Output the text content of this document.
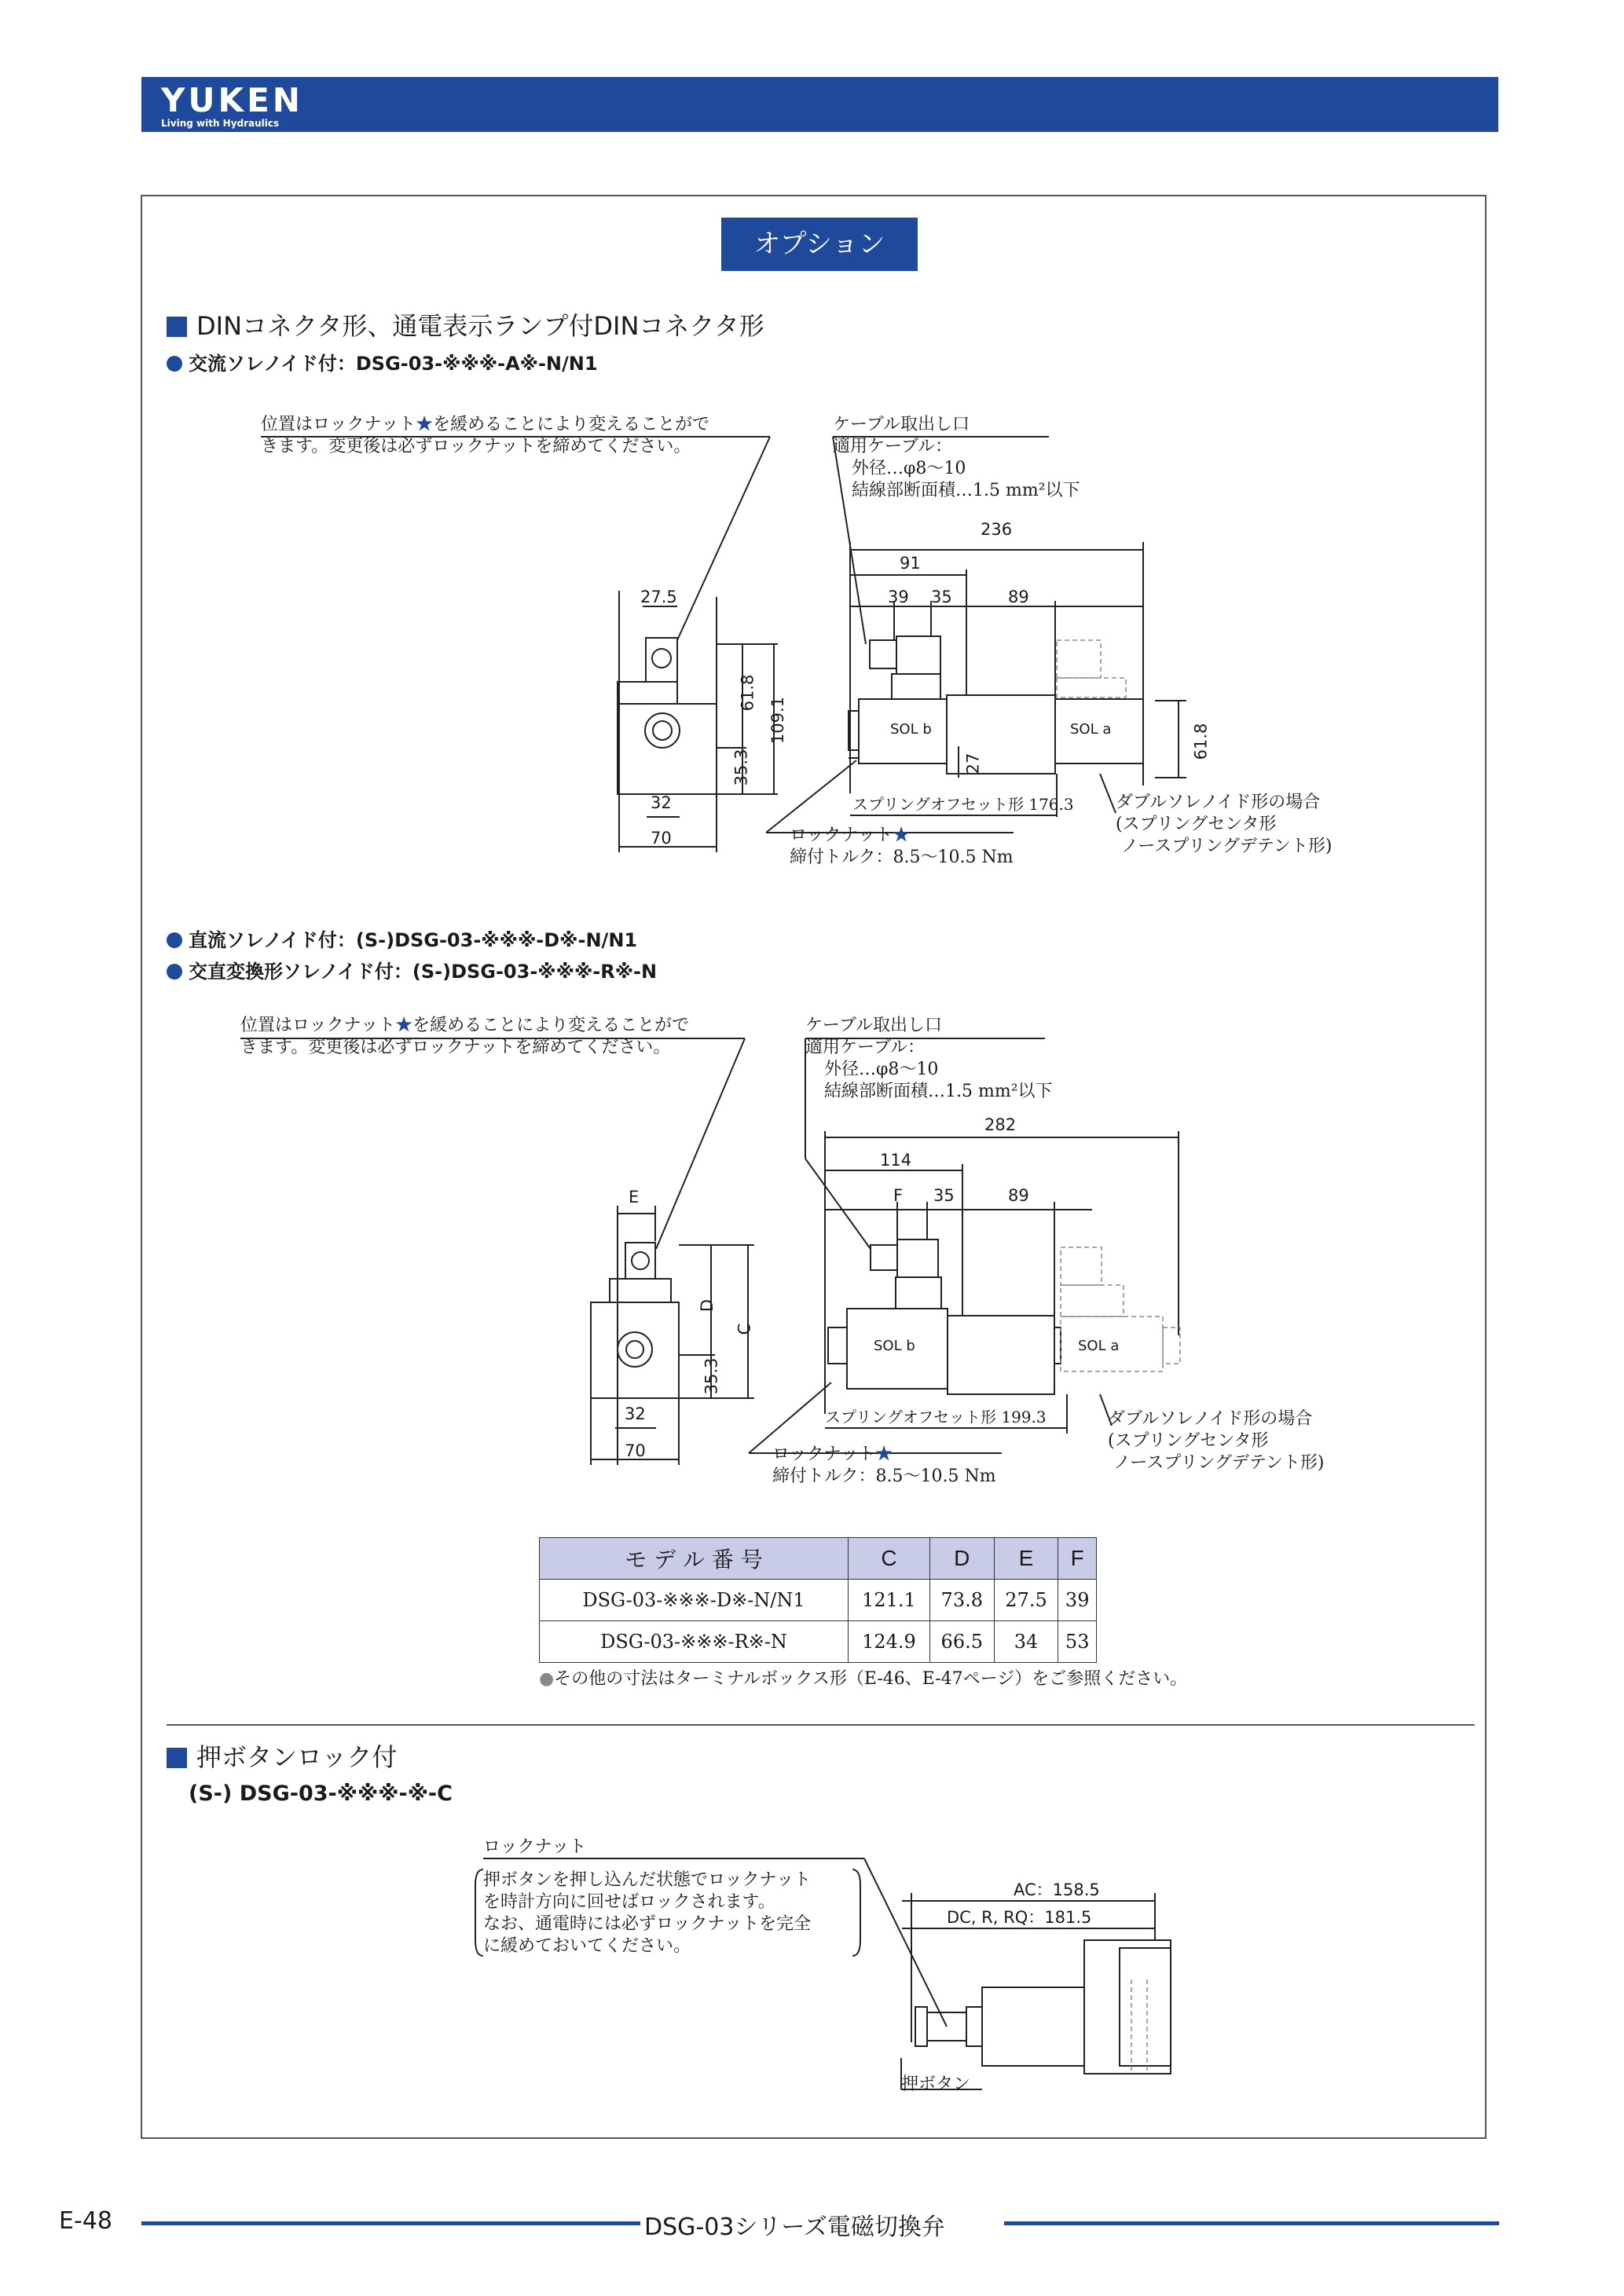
YUKEN
Living with Hydraulics
オプション
DINコネクタ形、通電表示ランプ付DINコネクタ形
交流ソレノイド付：DSG-03-※※※-A※-N/N1
位置はロックナット★を緩めることにより変えることがで
きます。変更後は必ずロックナットを締めてください。
ケーブル取出し口
適用ケーブル：
外径…φ8〜10
結線部断面積…1.5 mm²以下
27.5
61.8
109.1
35.3
32
70
236
91
39 35	89
61.8
27
SOL b	SOL a
スプリングオフセット形 176.3 ダブルソレノイド形の場合
(スプリングセンタ形
ノースプリングデテント形)
ロックナット★
締付トルク：8.5〜10.5 Nm
直流ソレノイド付：(S-)DSG-03-※※※-D※-N/N1
交直変換形ソレノイド付：(S-)DSG-03-※※※-R※-N
位置はロックナット★を緩めることにより変えることがで
きます。変更後は必ずロックナットを締めてください。
ケーブル取出し口
適用ケーブル：
外径…φ8〜10
結線部断面積…1.5 mm²以下
E
D
C
35.3
32
70
282
114
F 35	89
SOL b	SOL a
スプリングオフセット形 199.3	ダブルソレノイド形の場合
(スプリングセンタ形
ノースプリングデテント形)
ロックナット★
締付トルク：8.5〜10.5 Nm
モ デ ル 番 号	C	D	E	F
DSG-03-※※※-D※-N/N1	121.1	73.8	27.5	39
DSG-03-※※※-R※-N	124.9	66.5	34	53
●その他の寸法はターミナルボックス形（E-46、E-47ページ）をご参照ください。
押ボタンロック付
(S-) DSG-03-※※※-※-C
ロックナット
押ボタンを押し込んだ状態でロックナット
を時計方向に回せばロックされます。
なお、通電時には必ずロックナットを完全
に緩めておいてください。
AC：158.5
DC, R, RQ：181.5
押ボタン
E-48	DSG-03シリーズ電磁切換弁
